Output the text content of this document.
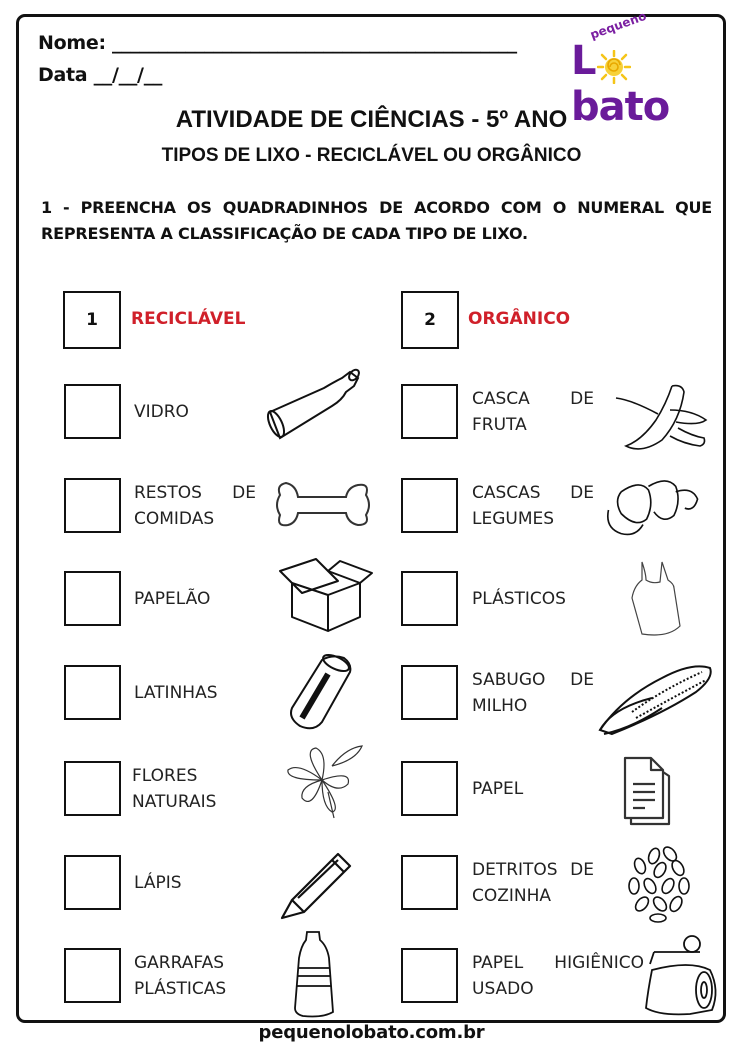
Nome: ____________________________________________
Data __/__/__
pequeno
Lbato
ATIVIDADE DE CIÊNCIAS - 5º ANO
TIPOS DE LIXO - RECICLÁVEL OU ORGÂNICO
1 - PREENCHA OS QUADRADINHOS DE ACORDO COM O NUMERAL QUE REPRESENTA A CLASSIFICAÇÃO DE CADA TIPO DE LIXO.
1 RECICLÁVEL	2 ORGÂNICO
VIDRO
RESTOS DE
COMIDAS
PAPELÃO
LATINHAS
FLORES
NATURAIS
LÁPIS
GARRAFAS
PLÁSTICAS
CASCA DE
FRUTA
CASCAS DE
LEGUMES
PLÁSTICOS
SABUGO DE
MILHO
PAPEL
DETRITOS DE
COZINHA
PAPEL HIGIÊNICO
USADO
pequenolobato.com.br
